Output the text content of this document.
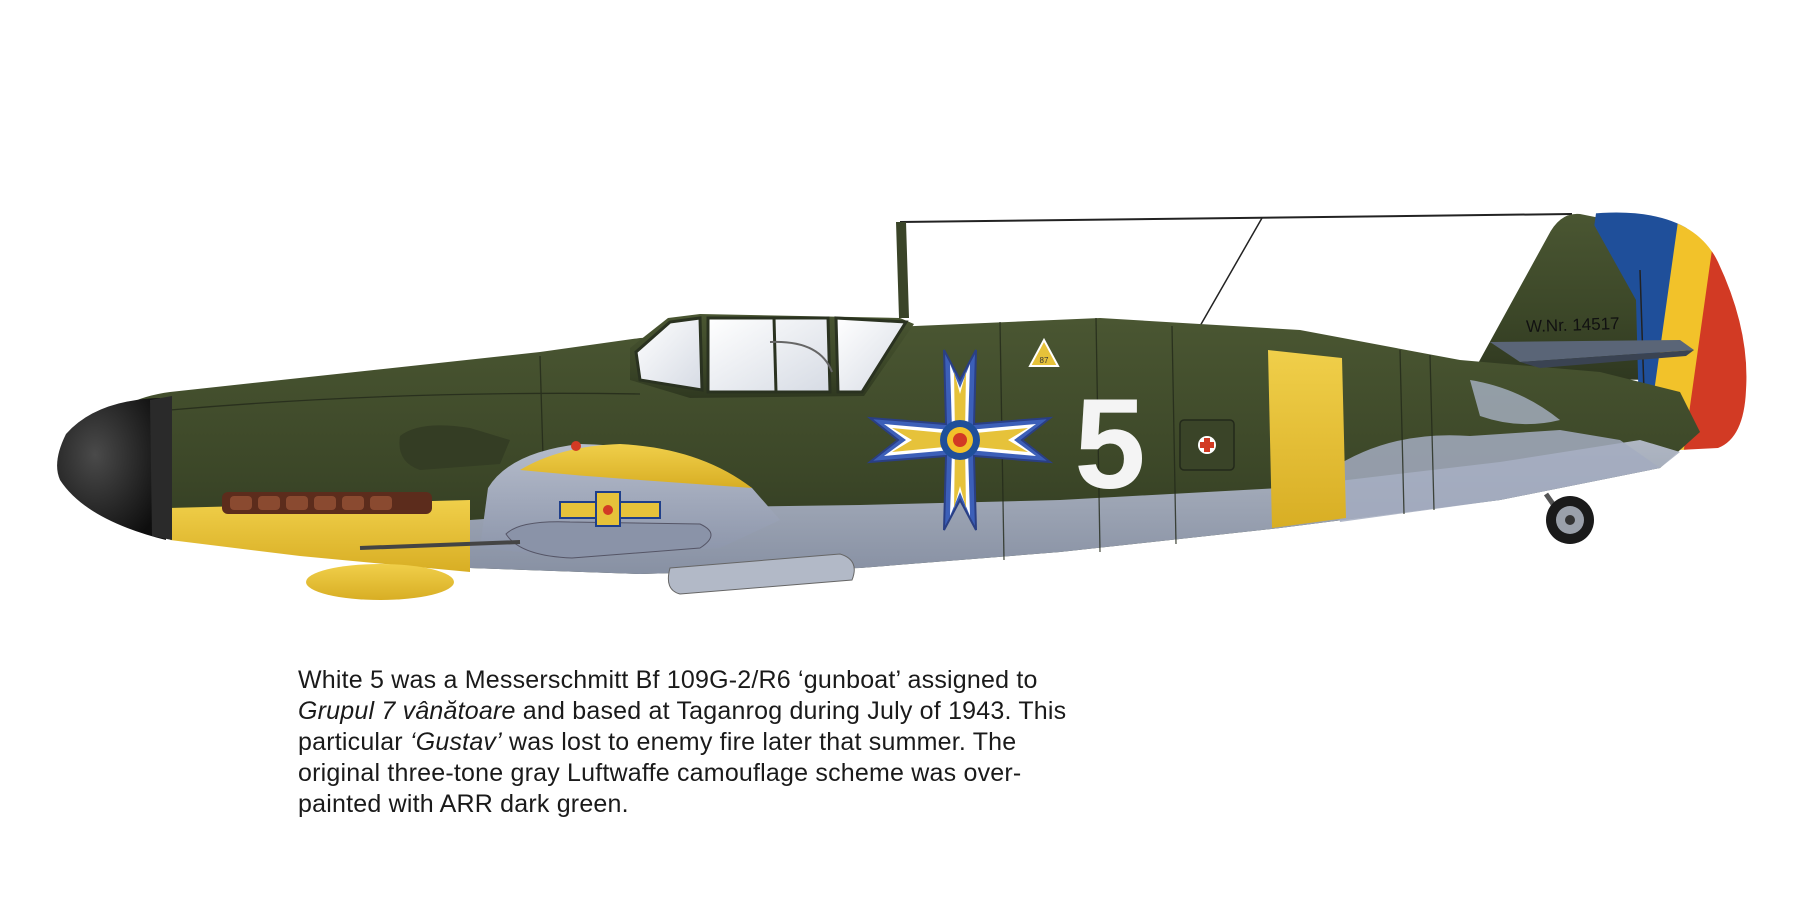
W.Nr. 14517
87
5
White 5 was a Messerschmitt Bf 109G-2/R6 ‘gunboat’ assigned to
Grupul 7 vânătoare and based at Taganrog during July of 1943. This
particular ‘Gustav’ was lost to enemy fire later that summer. The
original three-tone gray Luftwaffe camouflage scheme was over-
painted with ARR dark green.
